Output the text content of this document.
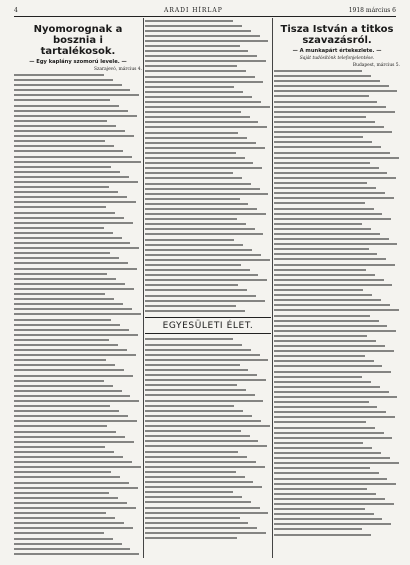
4	ARADI HÍRLAP	1918 március 6
Nyomorognak a bosznia i tartalékosok.
— Egy kaplány szomorú levele. —
Szarajevó, március 4.
EGYESÜLETI ÉLET.
Tisza István a titkos szavazásról.
— A munkapárt értekezlete. —
Saját tudósítónk telefonjelentése.
Budapest, március 5.
